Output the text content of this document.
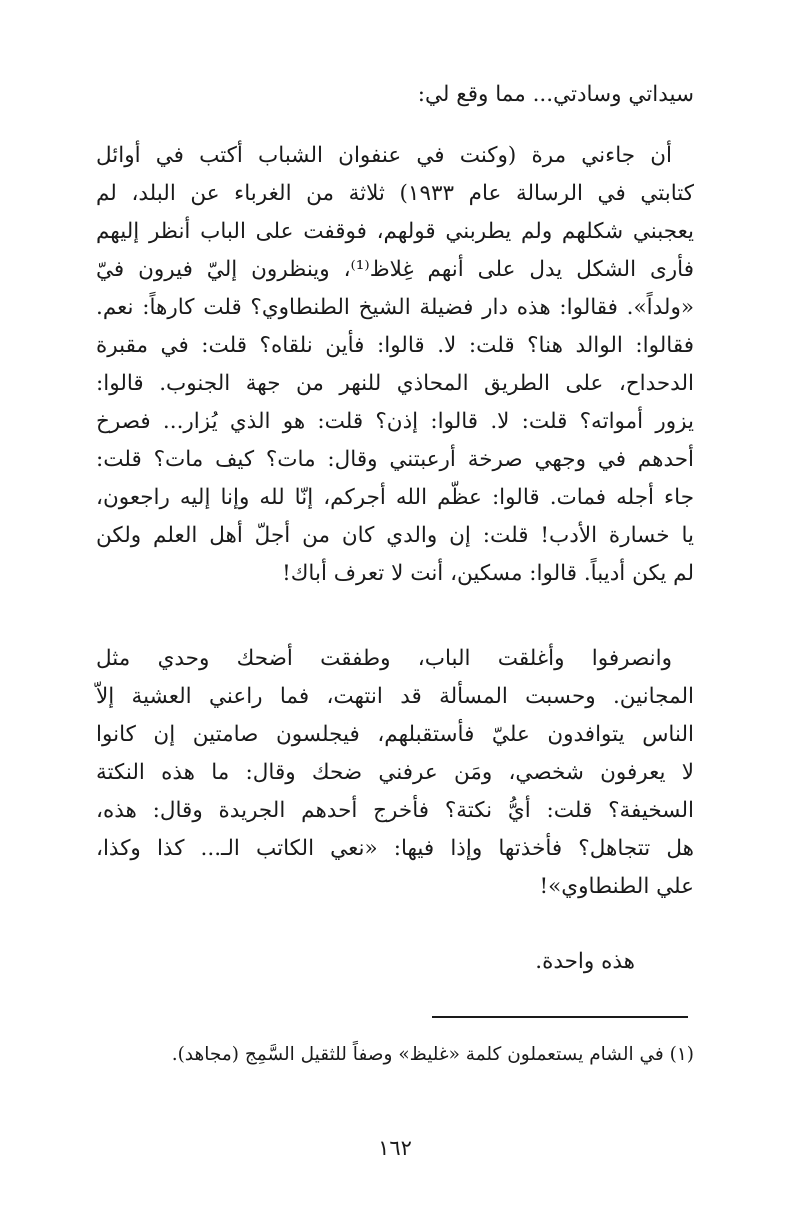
سيداتي وسادتي... مما وقع لي:
أن جاءني مرة (وكنت في عنفوان الشباب أكتب في أوائل
كتابتي في الرسالة عام ١٩٣٣) ثلاثة من الغرباء عن البلد، لم
يعجبني شكلهم ولم يطربني قولهم، فوقفت على الباب أنظر إليهم
فأرى الشكل يدل على أنهم غِلاظ⁽¹⁾، وينظرون إليّ فيرون فيّ
«ولداً». فقالوا: هذه دار فضيلة الشيخ الطنطاوي؟ قلت كارهاً: نعم.
فقالوا: الوالد هنا؟ قلت: لا. قالوا: فأين نلقاه؟ قلت: في مقبرة
الدحداح، على الطريق المحاذي للنهر من جهة الجنوب. قالوا:
يزور أمواته؟ قلت: لا. قالوا: إذن؟ قلت: هو الذي يُزار... فصرخ
أحدهم في وجهي صرخة أرعبتني وقال: مات؟ كيف مات؟ قلت:
جاء أجله فمات. قالوا: عظّم الله أجركم، إنّا لله وإنا إليه راجعون،
يا خسارة الأدب! قلت: إن والدي كان من أجلّ أهل العلم ولكن
لم يكن أديباً. قالوا: مسكين، أنت لا تعرف أباك!
وانصرفوا وأغلقت الباب، وطفقت أضحك وحدي مثل
المجانين. وحسبت المسألة قد انتهت، فما راعني العشية إلاّ
الناس يتوافدون عليّ فأستقبلهم، فيجلسون صامتين إن كانوا
لا يعرفون شخصي، ومَن عرفني ضحك وقال: ما هذه النكتة
السخيفة؟ قلت: أيُّ نكتة؟ فأخرج أحدهم الجريدة وقال: هذه،
هل تتجاهل؟ فأخذتها وإذا فيها: «نعي الكاتب الـ... كذا وكذا،
علي الطنطاوي»!
هذه واحدة.
(١) في الشام يستعملون كلمة «غليظ» وصفاً للثقيل السَّمِج (مجاهد).
١٦٢
